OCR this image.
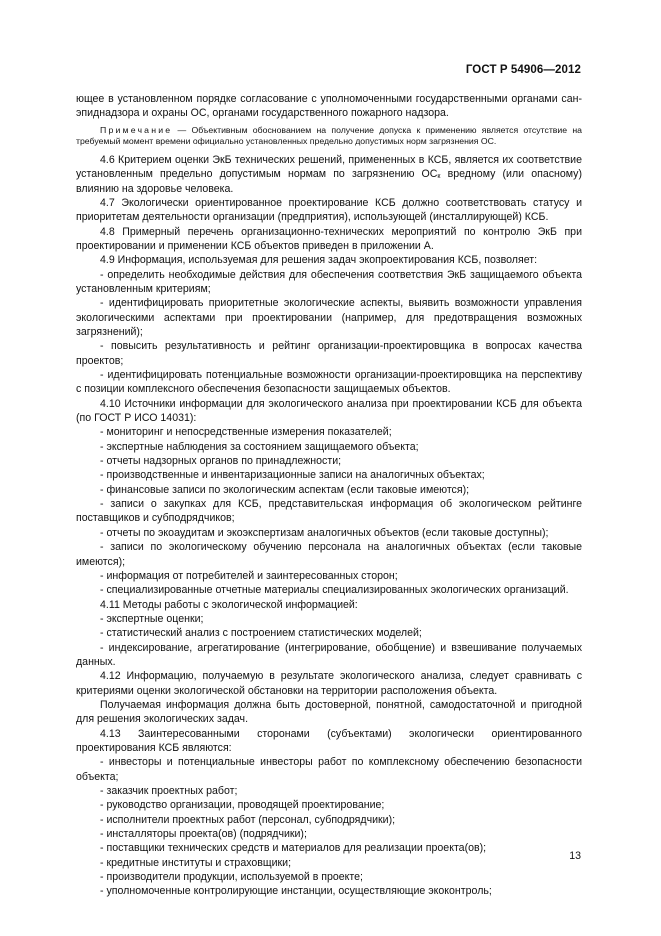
ГОСТ Р 54906—2012

ющее в установленном порядке согласование с уполномоченными государственными органами сан-эпиднадзора и охраны ОС, органами государственного пожарного надзора.

Примечание — Объективным обоснованием на получение допуска к применению является отсутствие на требуемый момент времени официально установленных предельно допустимых норм загрязнения ОС.

4.6 Критерием оценки ЭкБ технических решений, примененных в КСБ, является их соответствие установленным предельно допустимым нормам по загрязнению $ОС_к$ вредному (или опасному) влиянию на здоровье человека.

4.7 Экологически ориентированное проектирование КСБ должно соответствовать статусу и приоритетам деятельности организации (предприятия), использующей (инсталлирующей) КСБ.

4.8 Примерный перечень организационно-технических мероприятий по контролю ЭкБ при проектировании и применении КСБ объектов приведен в приложении А.

4.9 Информация, используемая для решения задач экопроектирования КСБ, позволяет:

- определить необходимые действия для обеспечения соответствия ЭкБ защищаемого объекта установленным критериям;

- идентифицировать приоритетные экологические аспекты, выявить возможности управления экологическими аспектами при проектировании (например, для предотвращения возможных загрязнений);

- повысить результативность и рейтинг организации-проектировщика в вопросах качества проектов;

- идентифицировать потенциальные возможности организации-проектировщика на перспективу с позиции комплексного обеспечения безопасности защищаемых объектов.

4.10 Источники информации для экологического анализа при проектировании КСБ для объекта (по ГОСТ Р ИСО 14031):

- мониторинг и непосредственные измерения показателей;

- экспертные наблюдения за состоянием защищаемого объекта;

- отчеты надзорных органов по принадлежности;

- производственные и инвентаризационные записи на аналогичных объектах;

- финансовые записи по экологическим аспектам (если таковые имеются);

- записи о закупках для КСБ, представительская информация об экологическом рейтинге поставщиков и субподрядчиков;

- отчеты по экоаудитам и экоэкспертизам аналогичных объектов (если таковые доступны);

- записи по экологическому обучению персонала на аналогичных объектах (если таковые имеются);

- информация от потребителей и заинтересованных сторон;

- специализированные отчетные материалы специализированных экологических организаций.

4.11 Методы работы с экологической информацией:

- экспертные оценки;

- статистический анализ с построением статистических моделей;

- индексирование, агрегатирование (интегрирование, обобщение) и взвешивание получаемых данных.

4.12 Информацию, получаемую в результате экологического анализа, следует сравнивать с критериями оценки экологической обстановки на территории расположения объекта.

Получаемая информация должна быть достоверной, понятной, самодостаточной и пригодной для решения экологических задач.

4.13 Заинтересованными сторонами (субъектами) экологически ориентированного проектирования КСБ являются:

- инвесторы и потенциальные инвесторы работ по комплексному обеспечению безопасности объекта;

- заказчик проектных работ;

- руководство организации, проводящей проектирование;

- исполнители проектных работ (персонал, субподрядчики);

- инсталляторы проекта(ов) (подрядчики);

- поставщики технических средств и материалов для реализации проекта(ов);

- кредитные институты и страховщики;

- производители продукции, используемой в проекте;

- уполномоченные контролирующие инстанции, осуществляющие экоконтроль;

13
